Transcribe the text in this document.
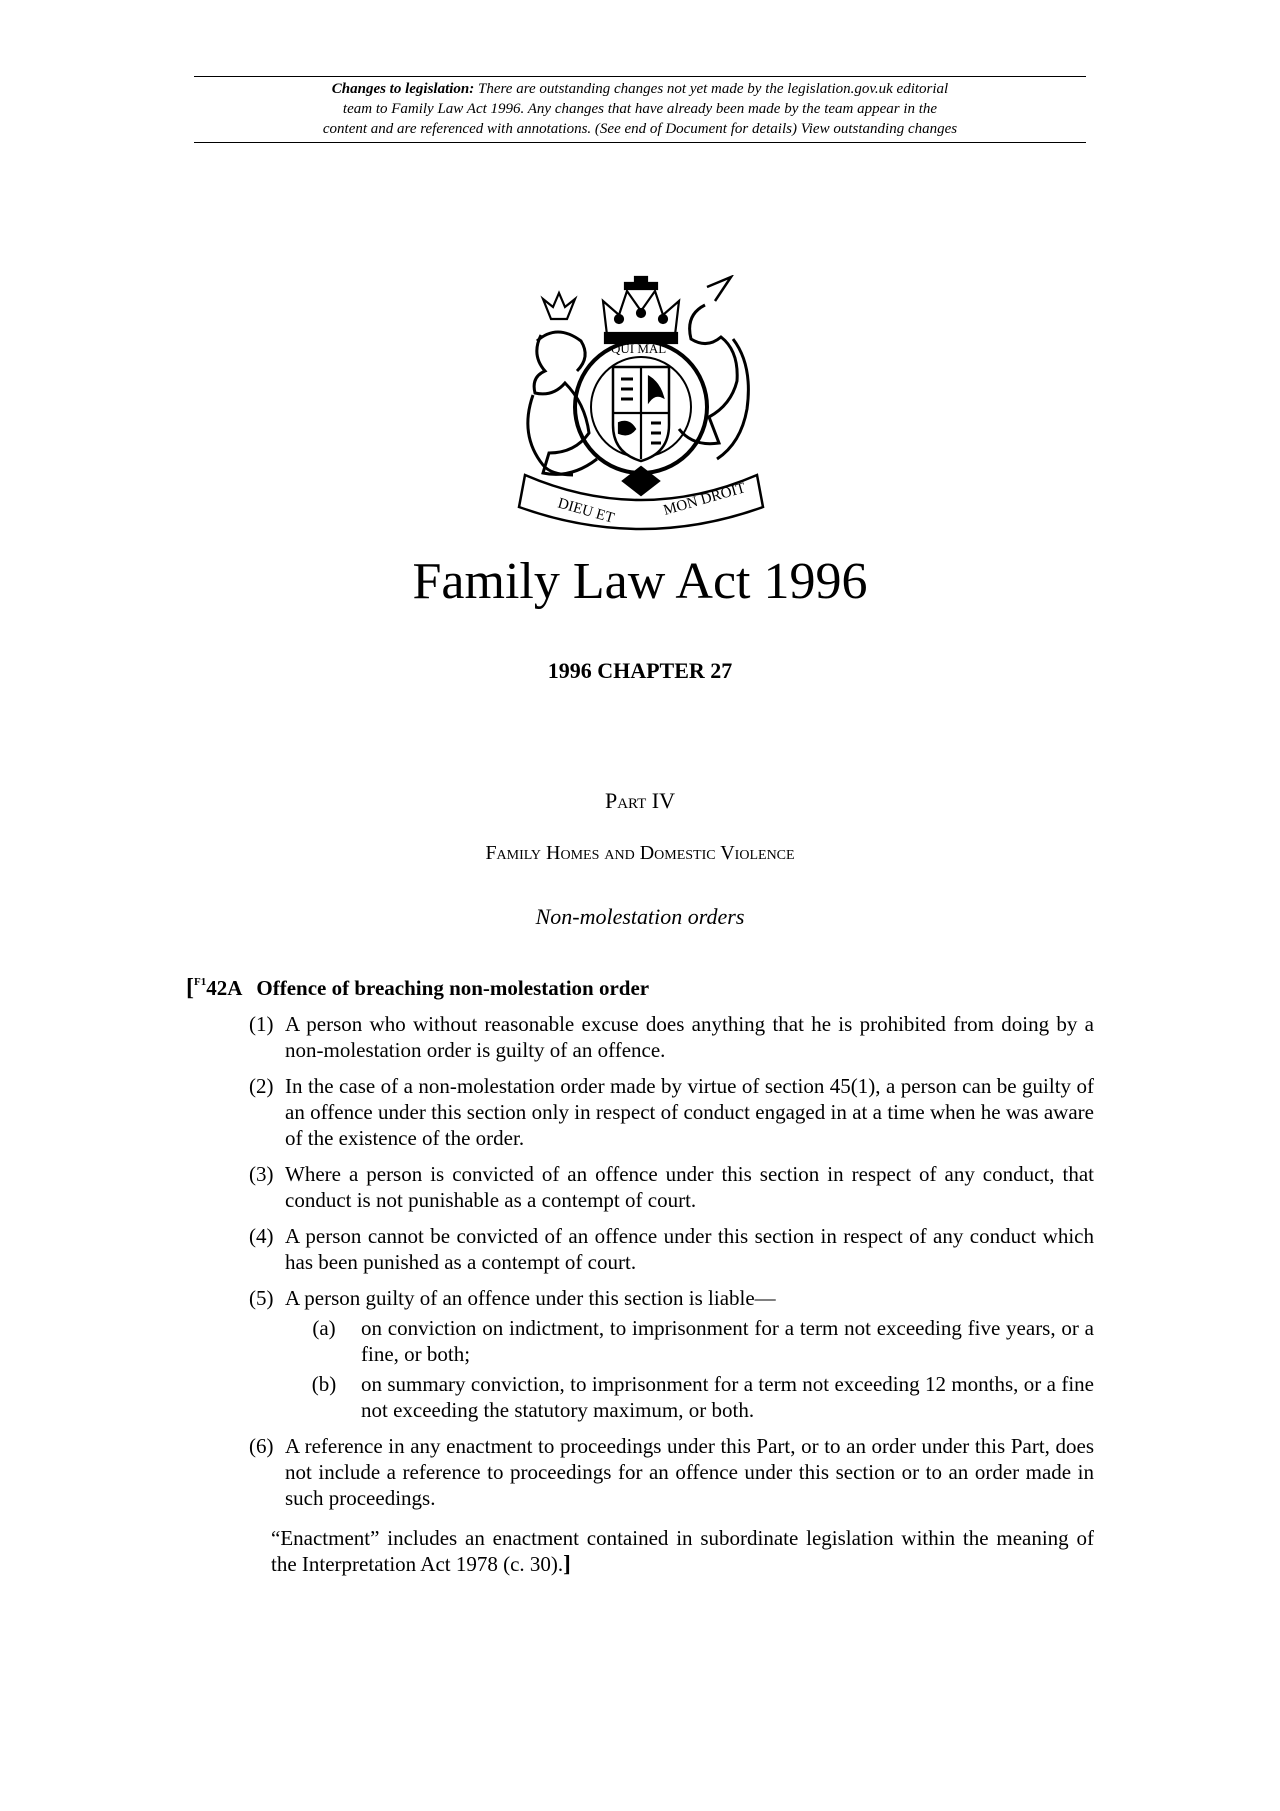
Changes to legislation: There are outstanding changes not yet made by the legislation.gov.uk editorial
team to Family Law Act 1996. Any changes that have already been made by the team appear in the
content and are referenced with annotations. (See end of Document for details) View outstanding changes
DIEU ET	MON DROIT
QUI MAL
Family Law Act 1996
1996 CHAPTER 27
Part IV
Family Homes and Domestic Violence
Non-molestation orders
[$^{F1}$42A Offence of breaching non-molestation order
(1) A person who without reasonable excuse does anything that he is prohibited from doing by a non-molestation order is guilty of an offence.
(2) In the case of a non-molestation order made by virtue of section 45(1), a person can be guilty of an offence under this section only in respect of conduct engaged in at a time when he was aware of the existence of the order.
(3) Where a person is convicted of an offence under this section in respect of any conduct, that conduct is not punishable as a contempt of court.
(4) A person cannot be convicted of an offence under this section in respect of any conduct which has been punished as a contempt of court.
(5) A person guilty of an offence under this section is liable—
(a)	on conviction on indictment, to imprisonment for a term not exceeding five years, or a fine, or both;
(b)	on summary conviction, to imprisonment for a term not exceeding 12 months, or a fine not exceeding the statutory maximum, or both.
(6) A reference in any enactment to proceedings under this Part, or to an order under this Part, does not include a reference to proceedings for an offence under this section or to an order made in such proceedings.
“Enactment” includes an enactment contained in subordinate legislation within the meaning of the Interpretation Act 1978 (c. 30).]
